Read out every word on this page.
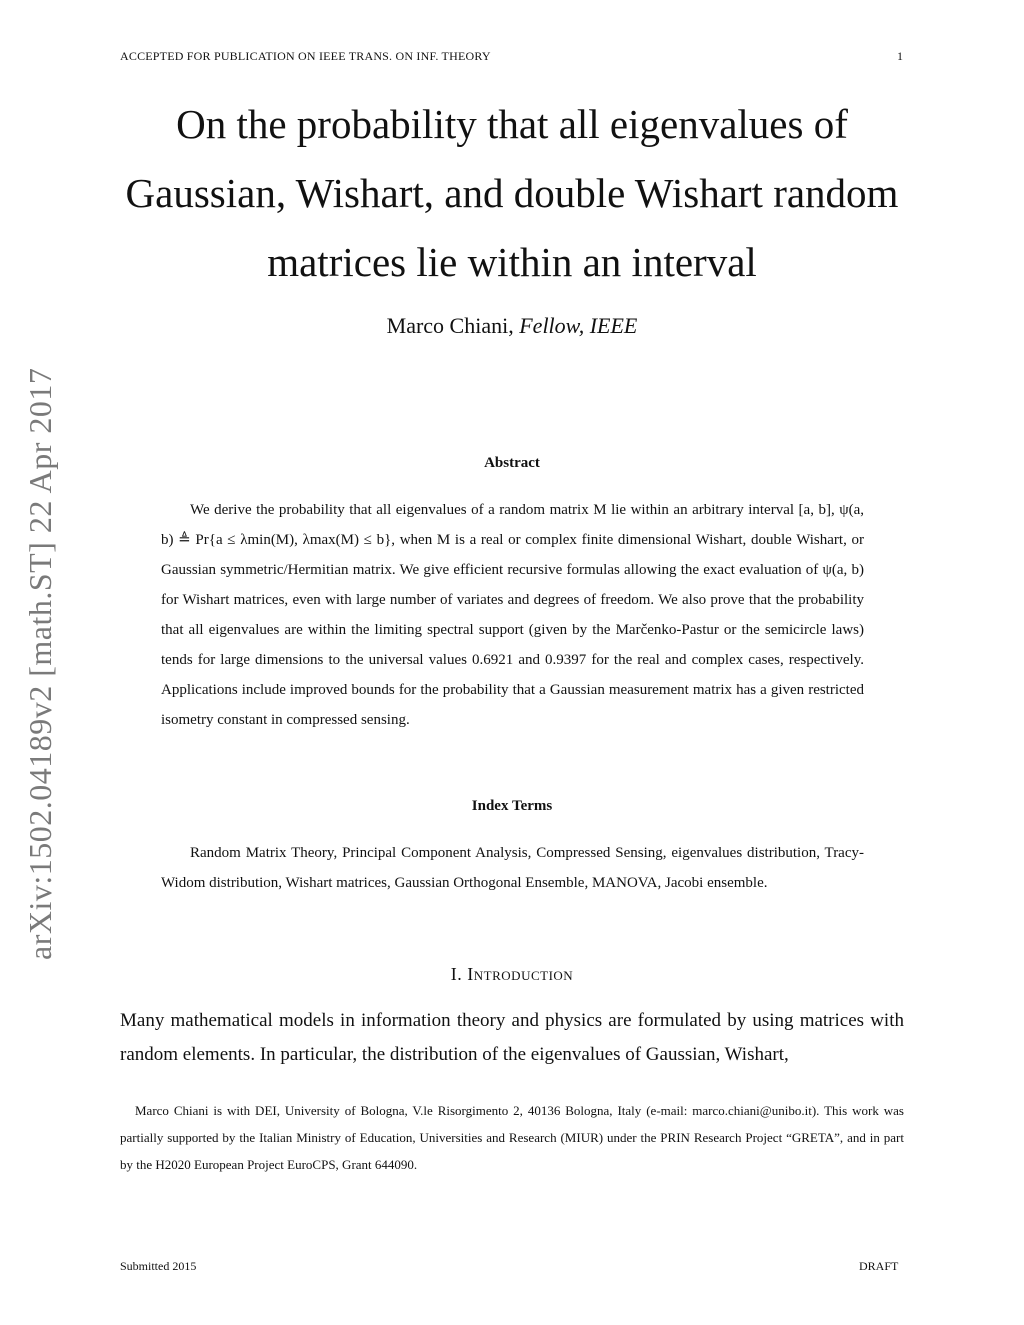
ACCEPTED FOR PUBLICATION ON IEEE TRANS. ON INF. THEORY	1
arXiv:1502.04189v2 [math.ST] 22 Apr 2017
On the probability that all eigenvalues of
Gaussian, Wishart, and double Wishart random
matrices lie within an interval
Marco Chiani, Fellow, IEEE
Abstract

We derive the probability that all eigenvalues of a random matrix M lie within an arbitrary interval [a, b], ψ(a, b) ≜ Pr{a ≤ λmin(M), λmax(M) ≤ b}, when M is a real or complex finite dimensional Wishart, double Wishart, or Gaussian symmetric/Hermitian matrix. We give efficient recursive formulas allowing the exact evaluation of ψ(a, b) for Wishart matrices, even with large number of variates and degrees of freedom. We also prove that the probability that all eigenvalues are within the limiting spectral support (given by the Marčenko-Pastur or the semicircle laws) tends for large dimensions to the universal values 0.6921 and 0.9397 for the real and complex cases, respectively. Applications include improved bounds for the probability that a Gaussian measurement matrix has a given restricted isometry constant in compressed sensing.

Index Terms

Random Matrix Theory, Principal Component Analysis, Compressed Sensing, eigenvalues distribution, Tracy-Widom distribution, Wishart matrices, Gaussian Orthogonal Ensemble, MANOVA, Jacobi ensemble.

I. Introduction

Many mathematical models in information theory and physics are formulated by using matrices with random elements. In particular, the distribution of the eigenvalues of Gaussian, Wishart,

Marco Chiani is with DEI, University of Bologna, V.le Risorgimento 2, 40136 Bologna, Italy (e-mail: marco.chiani@unibo.it). This work was partially supported by the Italian Ministry of Education, Universities and Research (MIUR) under the PRIN Research Project “GRETA”, and in part by the H2020 European Project EuroCPS, Grant 644090.

Submitted 2015	DRAFT
